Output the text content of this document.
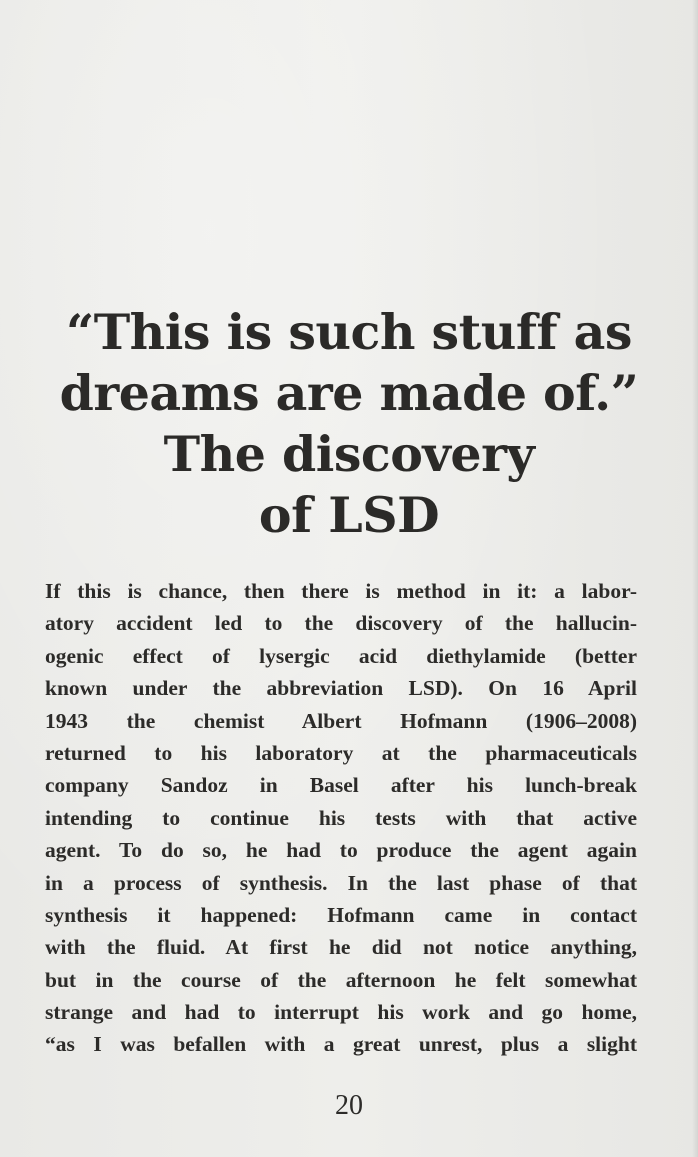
“This is such stuff as
dreams are made of.”
The discovery
of LSD
If this is chance, then there is method in it: a labor-
atory accident led to the discovery of the hallucin-
ogenic effect of lysergic acid diethylamide (better
known under the abbreviation LSD). On 16 April
1943 the chemist Albert Hofmann (1906–2008)
returned to his laboratory at the pharmaceuticals
company Sandoz in Basel after his lunch-break
intending to continue his tests with that active
agent. To do so, he had to produce the agent again
in a process of synthesis. In the last phase of that
synthesis it happened: Hofmann came in contact
with the fluid. At first he did not notice anything,
but in the course of the afternoon he felt somewhat
strange and had to interrupt his work and go home,
“as I was befallen with a great unrest, plus a slight
20
